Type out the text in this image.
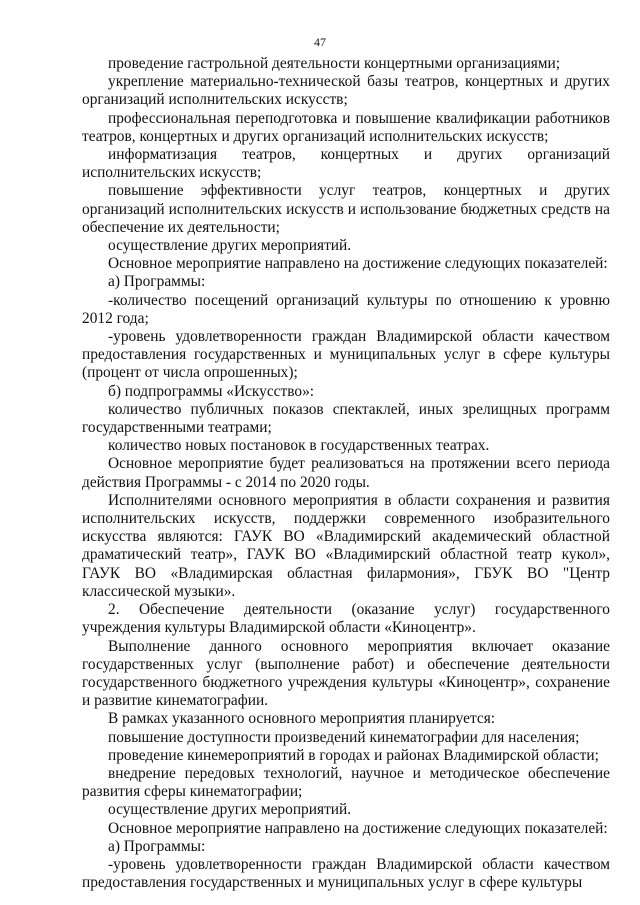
47

проведение гастрольной деятельности концертными организациями;

укрепление материально-технической базы театров, концертных и других организаций исполнительских искусств;

профессиональная переподготовка и повышение квалификации работников театров, концертных и других организаций исполнительских искусств;

информатизация театров, концертных и других организаций исполнительских искусств;

повышение эффективности услуг театров, концертных и других организаций исполнительских искусств и использование бюджетных средств на обеспечение их деятельности;

осуществление других мероприятий.

Основное мероприятие направлено на достижение следующих показателей:

а) Программы:

-количество посещений организаций культуры по отношению к уровню 2012 года;

-уровень удовлетворенности граждан Владимирской области качеством предоставления государственных и муниципальных услуг в сфере культуры (процент от числа опрошенных);

б) подпрограммы «Искусство»:

количество публичных показов спектаклей, иных зрелищных программ государственными театрами;

количество новых постановок в государственных театрах.

Основное мероприятие будет реализоваться на протяжении всего периода действия Программы - с 2014 по 2020 годы.

Исполнителями основного мероприятия в области сохранения и развития исполнительских искусств, поддержки современного изобразительного искусства являются: ГАУК ВО «Владимирский академический областной драматический театр», ГАУК ВО «Владимирский областной театр кукол», ГАУК ВО «Владимирская областная филармония», ГБУК ВО "Центр классической музыки».

2. Обеспечение деятельности (оказание услуг) государственного учреждения культуры Владимирской области «Киноцентр».

Выполнение данного основного мероприятия включает оказание государственных услуг (выполнение работ) и обеспечение деятельности государственного бюджетного учреждения культуры «Киноцентр», сохранение и развитие кинематографии.

В рамках указанного основного мероприятия планируется:

повышение доступности произведений кинематографии для населения;

проведение кинемероприятий в городах и районах Владимирской области;

внедрение передовых технологий, научное и методическое обеспечение развития сферы кинематографии;

осуществление других мероприятий.

Основное мероприятие направлено на достижение следующих показателей:

а) Программы:

-уровень удовлетворенности граждан Владимирской области качеством предоставления государственных и муниципальных услуг в сфере культуры
